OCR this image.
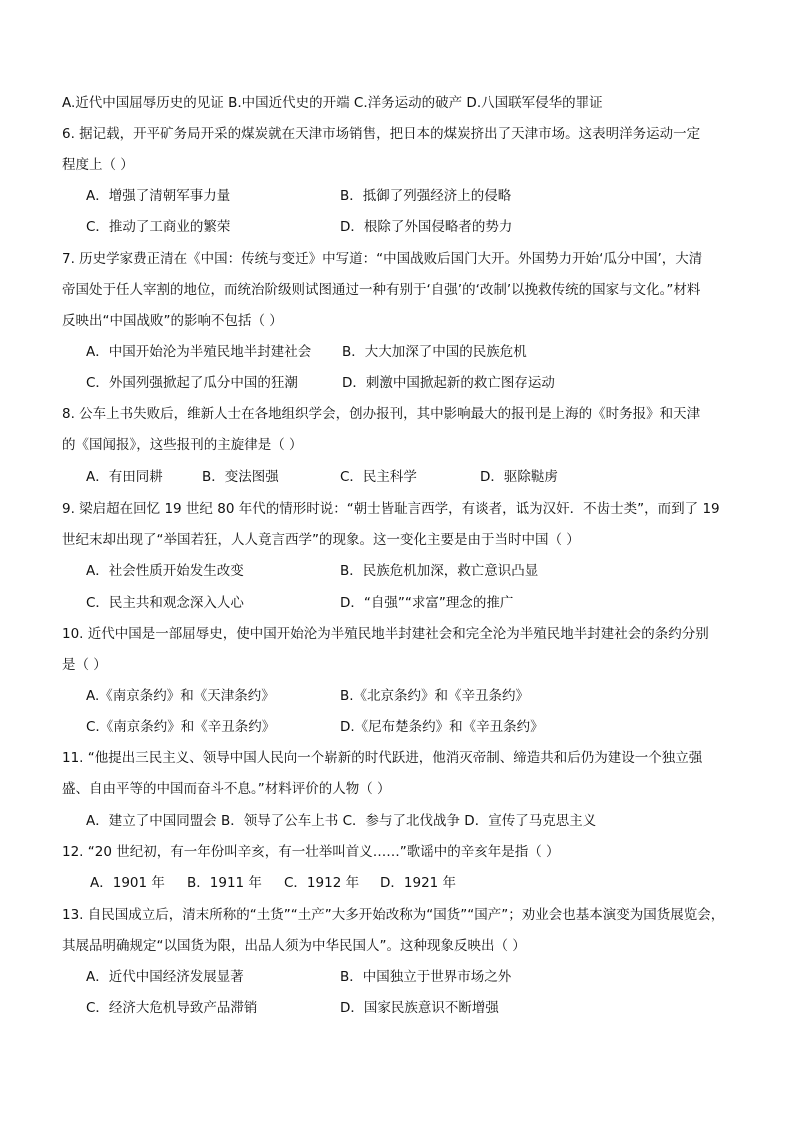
A.近代中国屈辱历史的见证 B.中国近代史的开端 C.洋务运动的破产 D.八国联军侵华的罪证
6. 据记载，开平矿务局开采的煤炭就在天津市场销售，把日本的煤炭挤出了天津市场。这表明洋务运动一定
程度上（ ）
A．增强了清朝军事力量	B．抵御了列强经济上的侵略
C．推动了工商业的繁荣	D．根除了外国侵略者的势力
7. 历史学家费正清在《中国：传统与变迁》中写道：“中国战败后国门大开。外国势力开始‘瓜分中国’，大清
帝国处于任人宰割的地位，而统治阶级则试图通过一种有别于‘自强’的‘改制’以挽救传统的国家与文化。”材料
反映出“中国战败”的影响不包括（ ）
A．中国开始沦为半殖民地半封建社会 B．大大加深了中国的民族危机
C．外国列强掀起了瓜分中国的狂潮	D．刺激中国掀起新的救亡图存运动
8. 公车上书失败后，维新人士在各地组织学会，创办报刊，其中影响最大的报刊是上海的《时务报》和天津
的《国闻报》，这些报刊的主旋律是（ ）
A．有田同耕	B．变法图强	C．民主科学	D．驱除鞑虏
9. 梁启超在回忆 19 世纪 80 年代的情形时说：“朝士皆耻言西学，有谈者，诋为汉奸．不齿士类”，而到了 19
世纪末却出现了“举国若狂，人人竟言西学”的现象。这一变化主要是由于当时中国（ ）
A．社会性质开始发生改变	B．民族危机加深，救亡意识凸显
C．民主共和观念深入人心	D．“自强”“求富”理念的推广
10. 近代中国是一部屈辱史，使中国开始沦为半殖民地半封建社会和完全沦为半殖民地半封建社会的条约分别
是（ ）
A.《南京条约》和《天津条约》	B.《北京条约》和《辛丑条约》
C.《南京条约》和《辛丑条约》	D.《尼布楚条约》和《辛丑条约》
11. “他提出三民主义、领导中国人民向一个崭新的时代跃进，他消灭帝制、缔造共和后仍为建设一个独立强
盛、自由平等的中国而奋斗不息。”材料评价的人物（ ）
A．建立了中国同盟会 B．领导了公车上书 C．参与了北伐战争 D．宣传了马克思主义
12. “20 世纪初，有一年份叫辛亥，有一壮举叫首义……”歌谣中的辛亥年是指（ ）
A．1901 年 B．1911 年 C．1912 年 D．1921 年
13. 自民国成立后，清末所称的“土货”“土产”大多开始改称为“国货”“国产”；劝业会也基本演变为国货展览会，
其展品明确规定“以国货为限，出品人须为中华民国人”。这种现象反映出（ ）
A．近代中国经济发展显著	B．中国独立于世界市场之外
C．经济大危机导致产品滞销	D．国家民族意识不断增强
